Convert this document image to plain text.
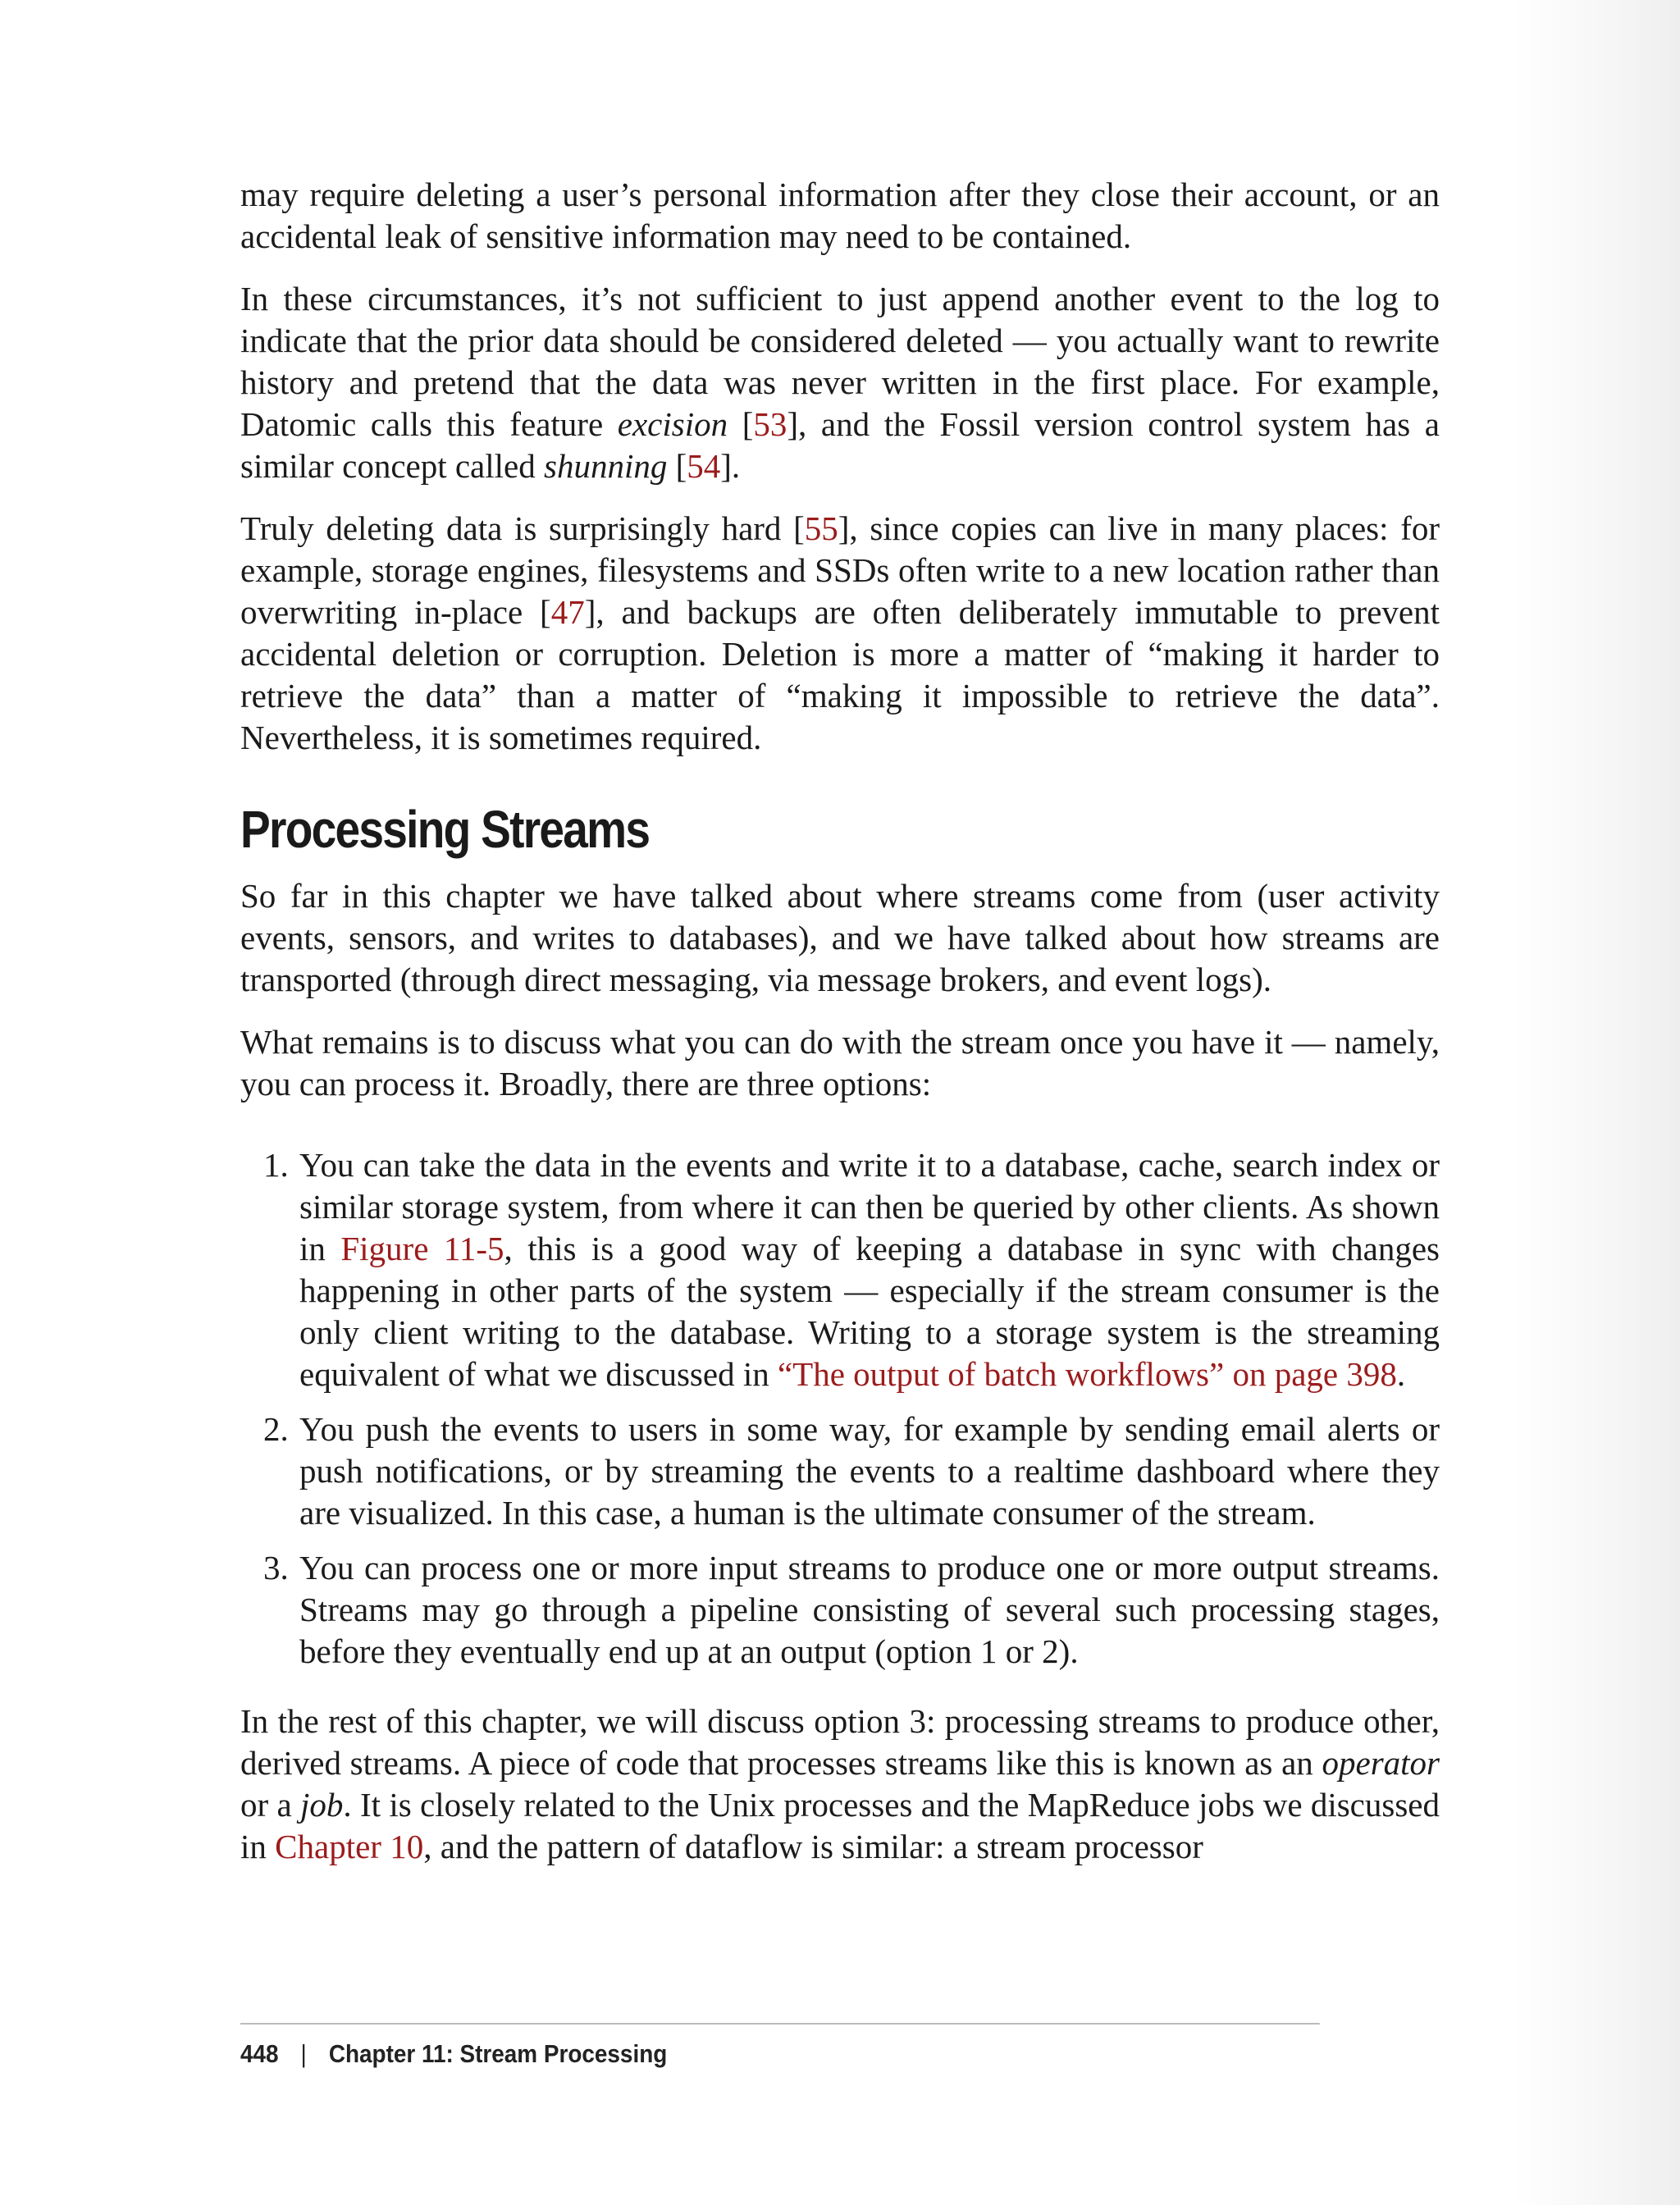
may require deleting a user’s personal information after they close their account, or an accidental leak of sensitive information may need to be contained.

In these circumstances, it’s not sufficient to just append another event to the log to indicate that the prior data should be considered deleted — you actually want to rewrite history and pretend that the data was never written in the first place. For example, Datomic calls this feature excision [53], and the Fossil version control system has a similar concept called shunning [54].

Truly deleting data is surprisingly hard [55], since copies can live in many places: for example, storage engines, filesystems and SSDs often write to a new location rather than overwriting in-place [47], and backups are often deliberately immutable to prevent accidental deletion or corruption. Deletion is more a matter of “making it harder to retrieve the data” than a matter of “making it impossible to retrieve the data”. Nevertheless, it is sometimes required.

Processing Streams

So far in this chapter we have talked about where streams come from (user activity events, sensors, and writes to databases), and we have talked about how streams are transported (through direct messaging, via message brokers, and event logs).

What remains is to discuss what you can do with the stream once you have it — namely, you can process it. Broadly, there are three options:

1. You can take the data in the events and write it to a database, cache, search index or similar storage system, from where it can then be queried by other clients. As shown in Figure 11-5, this is a good way of keeping a database in sync with changes happening in other parts of the system — especially if the stream consumer is the only client writing to the database. Writing to a storage system is the streaming equivalent of what we discussed in “The output of batch workflows” on page 398.
2. You push the events to users in some way, for example by sending email alerts or push notifications, or by streaming the events to a realtime dashboard where they are visualized. In this case, a human is the ultimate consumer of the stream.
3. You can process one or more input streams to produce one or more output streams. Streams may go through a pipeline consisting of several such processing stages, before they eventually end up at an output (option 1 or 2).

In the rest of this chapter, we will discuss option 3: processing streams to produce other, derived streams. A piece of code that processes streams like this is known as an operator or a job. It is closely related to the Unix processes and the MapReduce jobs we discussed in Chapter 10, and the pattern of dataflow is similar: a stream processor

448 | Chapter 11: Stream Processing
